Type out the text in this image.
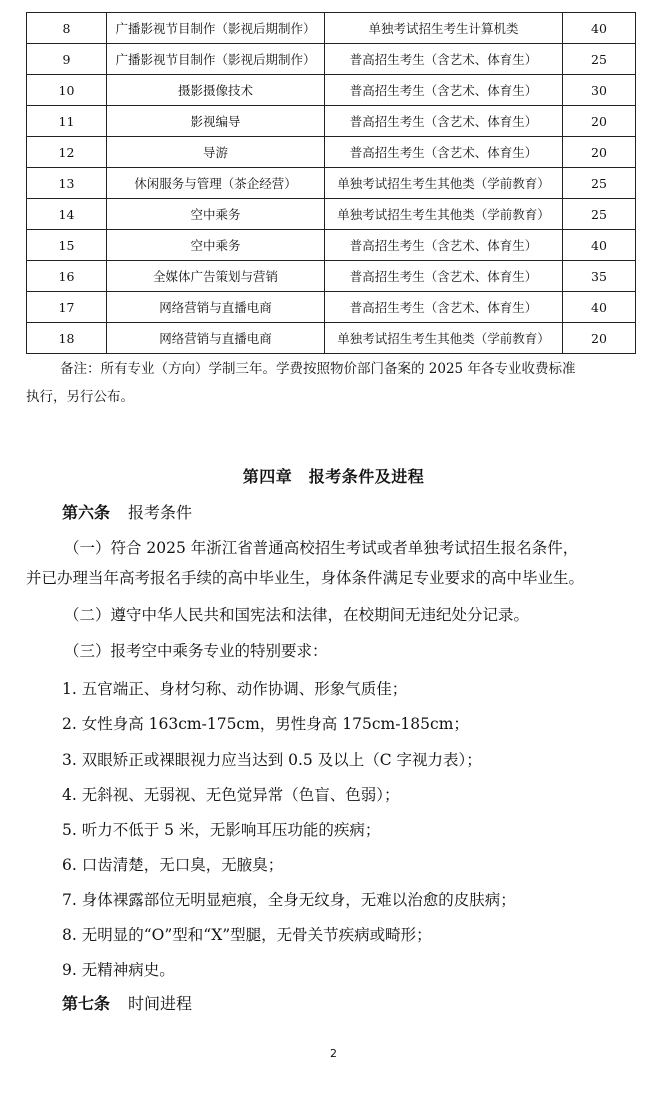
8	广播影视节目制作（影视后期制作）	单独考试招生考生计算机类	40
9	广播影视节目制作（影视后期制作）	普高招生考生（含艺术、体育生）	25
10	摄影摄像技术	普高招生考生（含艺术、体育生）	30
11	影视编导	普高招生考生（含艺术、体育生）	20
12	导游	普高招生考生（含艺术、体育生）	20
13	休闲服务与管理（茶企经营）	单独考试招生考生其他类（学前教育）	25
14	空中乘务	单独考试招生考生其他类（学前教育）	25
15	空中乘务	普高招生考生（含艺术、体育生）	40
16	全媒体广告策划与营销	普高招生考生（含艺术、体育生）	35
17	网络营销与直播电商	普高招生考生（含艺术、体育生）	40
18	网络营销与直播电商	单独考试招生考生其他类（学前教育）	20
备注：所有专业（方向）学制三年。学费按照物价部门备案的 2025 年各专业收费标准
执行，另行公布。
第四章　报考条件及进程
第六条 报考条件
（一）符合 2025 年浙江省普通高校招生考试或者单独考试招生报名条件，
并已办理当年高考报名手续的高中毕业生，身体条件满足专业要求的高中毕业生。
（二）遵守中华人民共和国宪法和法律，在校期间无违纪处分记录。
（三）报考空中乘务专业的特别要求：
1. 五官端正、身材匀称、动作协调、形象气质佳；
2. 女性身高 163cm-175cm，男性身高 175cm-185cm；
3. 双眼矫正或裸眼视力应当达到 0.5 及以上（C 字视力表）；
4. 无斜视、无弱视、无色觉异常（色盲、色弱）；
5. 听力不低于 5 米，无影响耳压功能的疾病；
6. 口齿清楚，无口臭，无腋臭；
7. 身体裸露部位无明显疤痕，全身无纹身，无难以治愈的皮肤病；
8. 无明显的“O”型和“X”型腿，无骨关节疾病或畸形；
9. 无精神病史。
第七条 时间进程
2
